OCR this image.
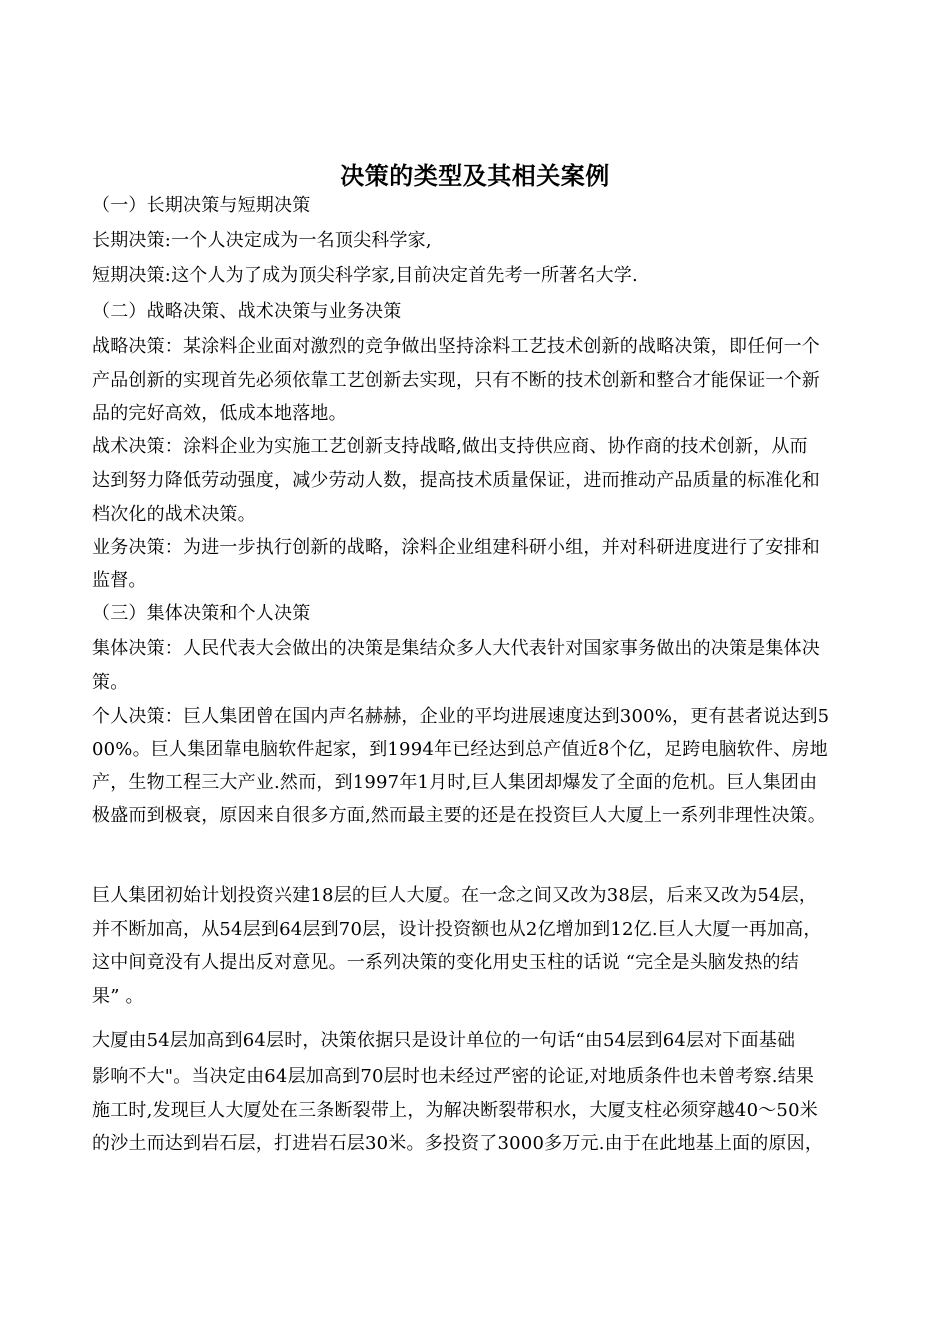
决策的类型及其相关案例
（一）长期决策与短期决策
长期决策:一个人决定成为一名顶尖科学家,
短期决策:这个人为了成为顶尖科学家,目前决定首先考一所著名大学.
（二）战略决策、战术决策与业务决策
战略决策：某涂料企业面对激烈的竞争做出坚持涂料工艺技术创新的战略决策，即任何一个
产品创新的实现首先必须依靠工艺创新去实现，只有不断的技术创新和整合才能保证一个新
品的完好高效，低成本地落地。
战术决策：涂料企业为实施工艺创新支持战略,做出支持供应商、协作商的技术创新，从而
达到努力降低劳动强度，减少劳动人数，提高技术质量保证，进而推动产品质量的标准化和
档次化的战术决策。
业务决策：为进一步执行创新的战略，涂料企业组建科研小组，并对科研进度进行了安排和
监督。
（三）集体决策和个人决策
集体决策：人民代表大会做出的决策是集结众多人大代表针对国家事务做出的决策是集体决
策。
个人决策：巨人集团曾在国内声名赫赫，企业的平均进展速度达到300%，更有甚者说达到5
00%。巨人集团靠电脑软件起家，到1994年已经达到总产值近8个亿，足跨电脑软件、房地
产，生物工程三大产业.然而，到1997年1月时,巨人集团却爆发了全面的危机。巨人集团由
极盛而到极衰，原因来自很多方面,然而最主要的还是在投资巨人大厦上一系列非理性决策。
巨人集团初始计划投资兴建18层的巨人大厦。在一念之间又改为38层，后来又改为54层，
并不断加高，从54层到64层到70层，设计投资额也从2亿增加到12亿.巨人大厦一再加高，
这中间竟没有人提出反对意见。一系列决策的变化用史玉柱的话说 “完全是头脑发热的结
果” 。
大厦由54层加高到64层时，决策依据只是设计单位的一句话“由54层到64层对下面基础
影响不大"。当决定由64层加高到70层时也未经过严密的论证,对地质条件也未曾考察.结果
施工时,发现巨人大厦处在三条断裂带上，为解决断裂带积水，大厦支柱必须穿越40～50米
的沙土而达到岩石层，打进岩石层30米。多投资了3000多万元.由于在此地基上面的原因，
